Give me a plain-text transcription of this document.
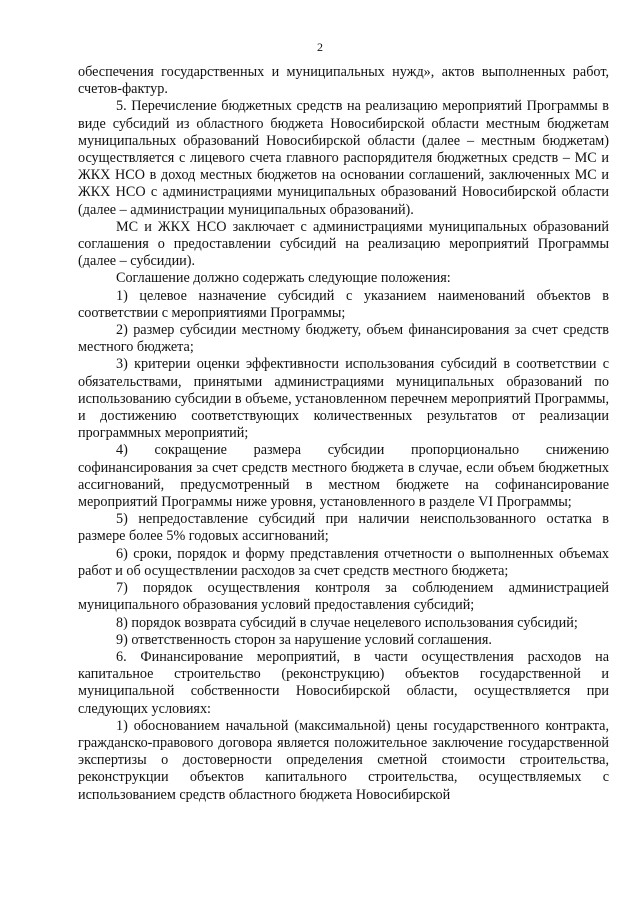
2

обеспечения государственных и муниципальных нужд», актов выполненных работ, счетов-фактур.

5. Перечисление бюджетных средств на реализацию мероприятий Программы в виде субсидий из областного бюджета Новосибирской области местным бюджетам муниципальных образований Новосибирской области (далее – местным бюджетам) осуществляется с лицевого счета главного распорядителя бюджетных средств – МС и ЖКХ НСО в доход местных бюджетов на основании соглашений, заключенных МС и ЖКХ НСО с администрациями муниципальных образований Новосибирской области (далее – администрации муниципальных образований).

МС и ЖКХ НСО заключает с администрациями муниципальных образований соглашения о предоставлении субсидий на реализацию мероприятий Программы (далее – субсидии).

Соглашение должно содержать следующие положения:

1) целевое назначение субсидий с указанием наименований объектов в соответствии с мероприятиями Программы;

2) размер субсидии местному бюджету, объем финансирования за счет средств местного бюджета;

3) критерии оценки эффективности использования субсидий в соответствии с обязательствами, принятыми администрациями муниципальных образований по использованию субсидии в объеме, установленном перечнем мероприятий Программы, и достижению соответствующих количественных результатов от реализации программных мероприятий;

4) сокращение размера субсидии пропорционально снижению софинансирования за счет средств местного бюджета в случае, если объем бюджетных ассигнований, предусмотренный в местном бюджете на софинансирование мероприятий Программы ниже уровня, установленного в разделе VI Программы;

5) непредоставление субсидий при наличии неиспользованного остатка в размере более 5% годовых ассигнований;

6) сроки, порядок и форму представления отчетности о выполненных объемах работ и об осуществлении расходов за счет средств местного бюджета;

7) порядок осуществления контроля за соблюдением администрацией муниципального образования условий предоставления субсидий;

8) порядок возврата субсидий в случае нецелевого использования субсидий;

9) ответственность сторон за нарушение условий соглашения.

6. Финансирование мероприятий, в части осуществления расходов на капитальное строительство (реконструкцию) объектов государственной и муниципальной собственности Новосибирской области, осуществляется при следующих условиях:

1) обоснованием начальной (максимальной) цены государственного контракта, гражданско-правового договора является положительное заключение государственной экспертизы о достоверности определения сметной стоимости строительства, реконструкции объектов капитального строительства, осуществляемых с использованием средств областного бюджета Новосибирской
